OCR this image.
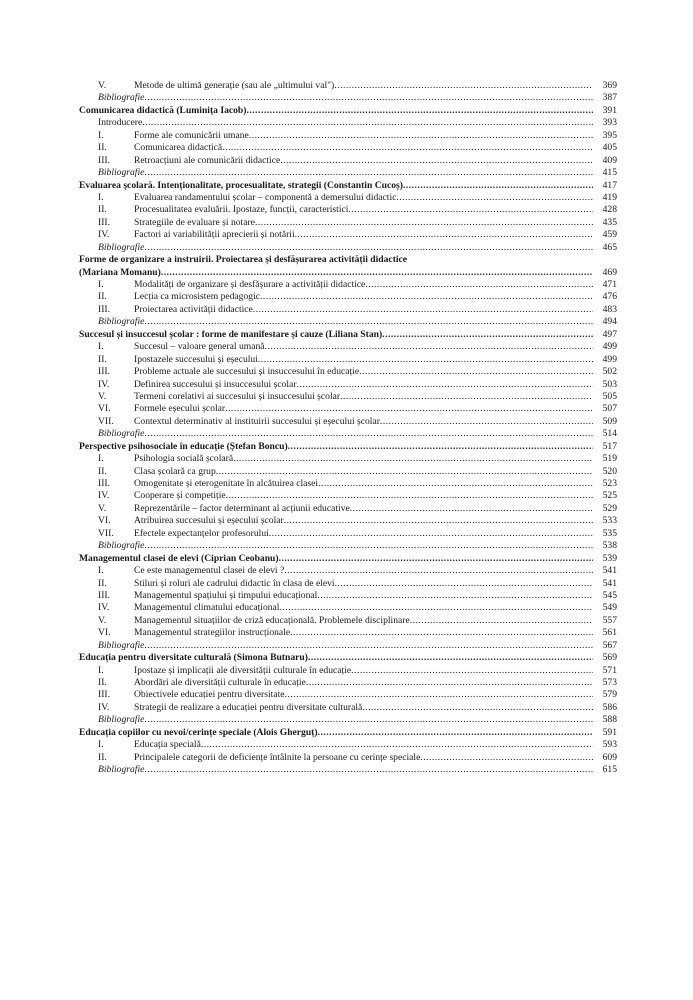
V.	Metode de ultimă generație (sau ale „ultimului val") .....	369
Bibliografie .....	387
Comunicarea didactică (Luminița Iacob) .....	391
Introducere .....	393
I.	Forme ale comunicării umane .....	395
II.	Comunicarea didactică .....	405
III.	Retroacțiuni ale comunicării didactice .....	409
Bibliografie .....	415
Evaluarea școlară. Intenționalitate, procesualitate, strategii (Constantin Cucoș) .....	417
I.	Evaluarea randamentului școlar – componentă a demersului didactic .....	419
II.	Procesualitatea evaluării. Ipostaze, funcții, caracteristici .....	428
III.	Strategiile de evaluare și notare .....	435
IV.	Factori ai variabilității aprecierii și notării .....	459
Bibliografie .....	465
Forme de organizare a instruirii. Proiectarea și desfășurarea activității didactice
(Mariana Momanu) .....	469
I.	Modalități de organizare și desfășurare a activității didactice .....	471
II.	Lecția ca microsistem pedagogic .....	476
III.	Proiectarea activității didactice .....	483
Bibliografie .....	494
Succesul și insuccesul școlar : forme de manifestare și cauze (Liliana Stan) .....	497
I.	Succesul – valoare general umană .....	499
II.	Ipostazele succesului și eșecului .....	499
III.	Probleme actuale ale succesului și insuccesului în educație .....	502
IV.	Definirea succesului și insuccesului școlar .....	503
V.	Termeni corelativi ai succesului și insuccesului școlar .....	505
VI. Formele eșecului școlar .....	507
VII. Contextul determinativ al instituirii succesului și eșecului școlar .....	509
Bibliografie .....	514
Perspective psihosociale în educație (Ștefan Boncu) .....	517
I.	Psihologia socială școlară .....	519
II.	Clasa școlară ca grup .....	520
III.	Omogenitate și eterogenitate în alcătuirea clasei .....	523
IV.	Cooperare și competiție .....	525
V.	Reprezentările – factor determinant al acțiunii educative .....	529
VI. Atribuirea succesului și eșecului școlar .....	533
VII. Efectele expectanțelor profesorului .....	535
Bibliografie .....	538
Managementul clasei de elevi (Ciprian Ceobanu) .....	539
I.	Ce este managementul clasei de elevi ? .....	541
II.	Stiluri și roluri ale cadrului didactic în clasa de elevi .....	541
III.	Managementul spațiului și timpului educațional .....	545
IV.	Managementul climatului educațional .....	549
V.	Managementul situațiilor de criză educațională. Problemele disciplinare .....	557
VI. Managementul strategiilor instrucționale .....	561
Bibliografie .....	567
Educația pentru diversitate culturală (Simona Butnaru) .....	569
I.	Ipostaze și implicații ale diversității culturale în educație .....	571
II.	Abordări ale diversității culturale în educație .....	573
III.	Obiectivele educației pentru diversitate .....	579
IV.	Strategii de realizare a educației pentru diversitate culturală .....	586
Bibliografie .....	588
Educația copiilor cu nevoi/cerințe speciale (Alois Gherguț) .....	591
I.	Educația specială .....	593
II.	Principalele categorii de deficiențe întâlnite la persoane cu cerințe speciale .....	609
Bibliografie .....	615
